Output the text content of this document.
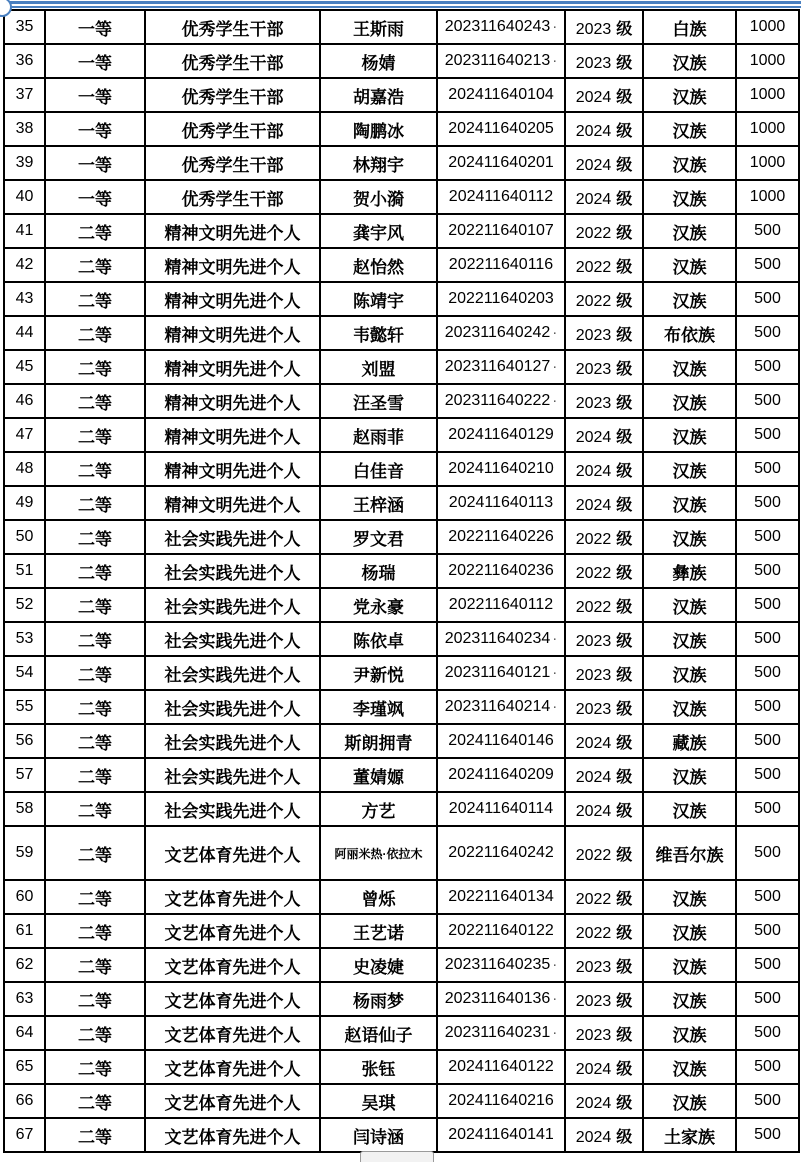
35	一等	优秀学生干部	王斯雨	202311640243 ·	2023 级	白族	1000
36	一等	优秀学生干部	杨婧	202311640213 ·	2023 级	汉族	1000
37	一等	优秀学生干部	胡嘉浩	202411640104	2024 级	汉族	1000
38	一等	优秀学生干部	陶鹏冰	202411640205	2024 级	汉族	1000
39	一等	优秀学生干部	林翔宇	202411640201	2024 级	汉族	1000
40	一等	优秀学生干部	贺小漪	202411640112	2024 级	汉族	1000
41	二等	精神文明先进个人	龚宇风	202211640107	2022 级	汉族	500
42	二等	精神文明先进个人	赵怡然	202211640116	2022 级	汉族	500
43	二等	精神文明先进个人	陈靖宇	202211640203	2022 级	汉族	500
44	二等	精神文明先进个人	韦懿轩	202311640242 ·	2023 级	布依族	500
45	二等	精神文明先进个人	刘盟	202311640127 ·	2023 级	汉族	500
46	二等	精神文明先进个人	汪圣雪	202311640222 ·	2023 级	汉族	500
47	二等	精神文明先进个人	赵雨菲	202411640129	2024 级	汉族	500
48	二等	精神文明先进个人	白佳音	202411640210	2024 级	汉族	500
49	二等	精神文明先进个人	王梓涵	202411640113	2024 级	汉族	500
50	二等	社会实践先进个人	罗文君	202211640226	2022 级	汉族	500
51	二等	社会实践先进个人	杨瑞	202211640236	2022 级	彝族	500
52	二等	社会实践先进个人	党永豪	202211640112	2022 级	汉族	500
53	二等	社会实践先进个人	陈依卓	202311640234 ·	2023 级	汉族	500
54	二等	社会实践先进个人	尹新悦	202311640121 ·	2023 级	汉族	500
55	二等	社会实践先进个人	李瑾飒	202311640214 ·	2023 级	汉族	500
56	二等	社会实践先进个人	斯朗拥青	202411640146	2024 级	藏族	500
57	二等	社会实践先进个人	董婧嫄	202411640209	2024 级	汉族	500
58	二等	社会实践先进个人	方艺	202411640114	2024 级	汉族	500
59	二等	文艺体育先进个人	阿丽米热·依拉木	202211640242	2022 级	维吾尔族	500
60	二等	文艺体育先进个人	曾烁	202211640134	2022 级	汉族	500
61	二等	文艺体育先进个人	王艺诺	202211640122	2022 级	汉族	500
62	二等	文艺体育先进个人	史凌婕	202311640235 ·	2023 级	汉族	500
63	二等	文艺体育先进个人	杨雨梦	202311640136 ·	2023 级	汉族	500
64	二等	文艺体育先进个人	赵语仙子	202311640231 ·	2023 级	汉族	500
65	二等	文艺体育先进个人	张钰	202411640122	2024 级	汉族	500
66	二等	文艺体育先进个人	吴琪	202411640216	2024 级	汉族	500
67	二等	文艺体育先进个人	闫诗涵	202411640141	2024 级	土家族	500
